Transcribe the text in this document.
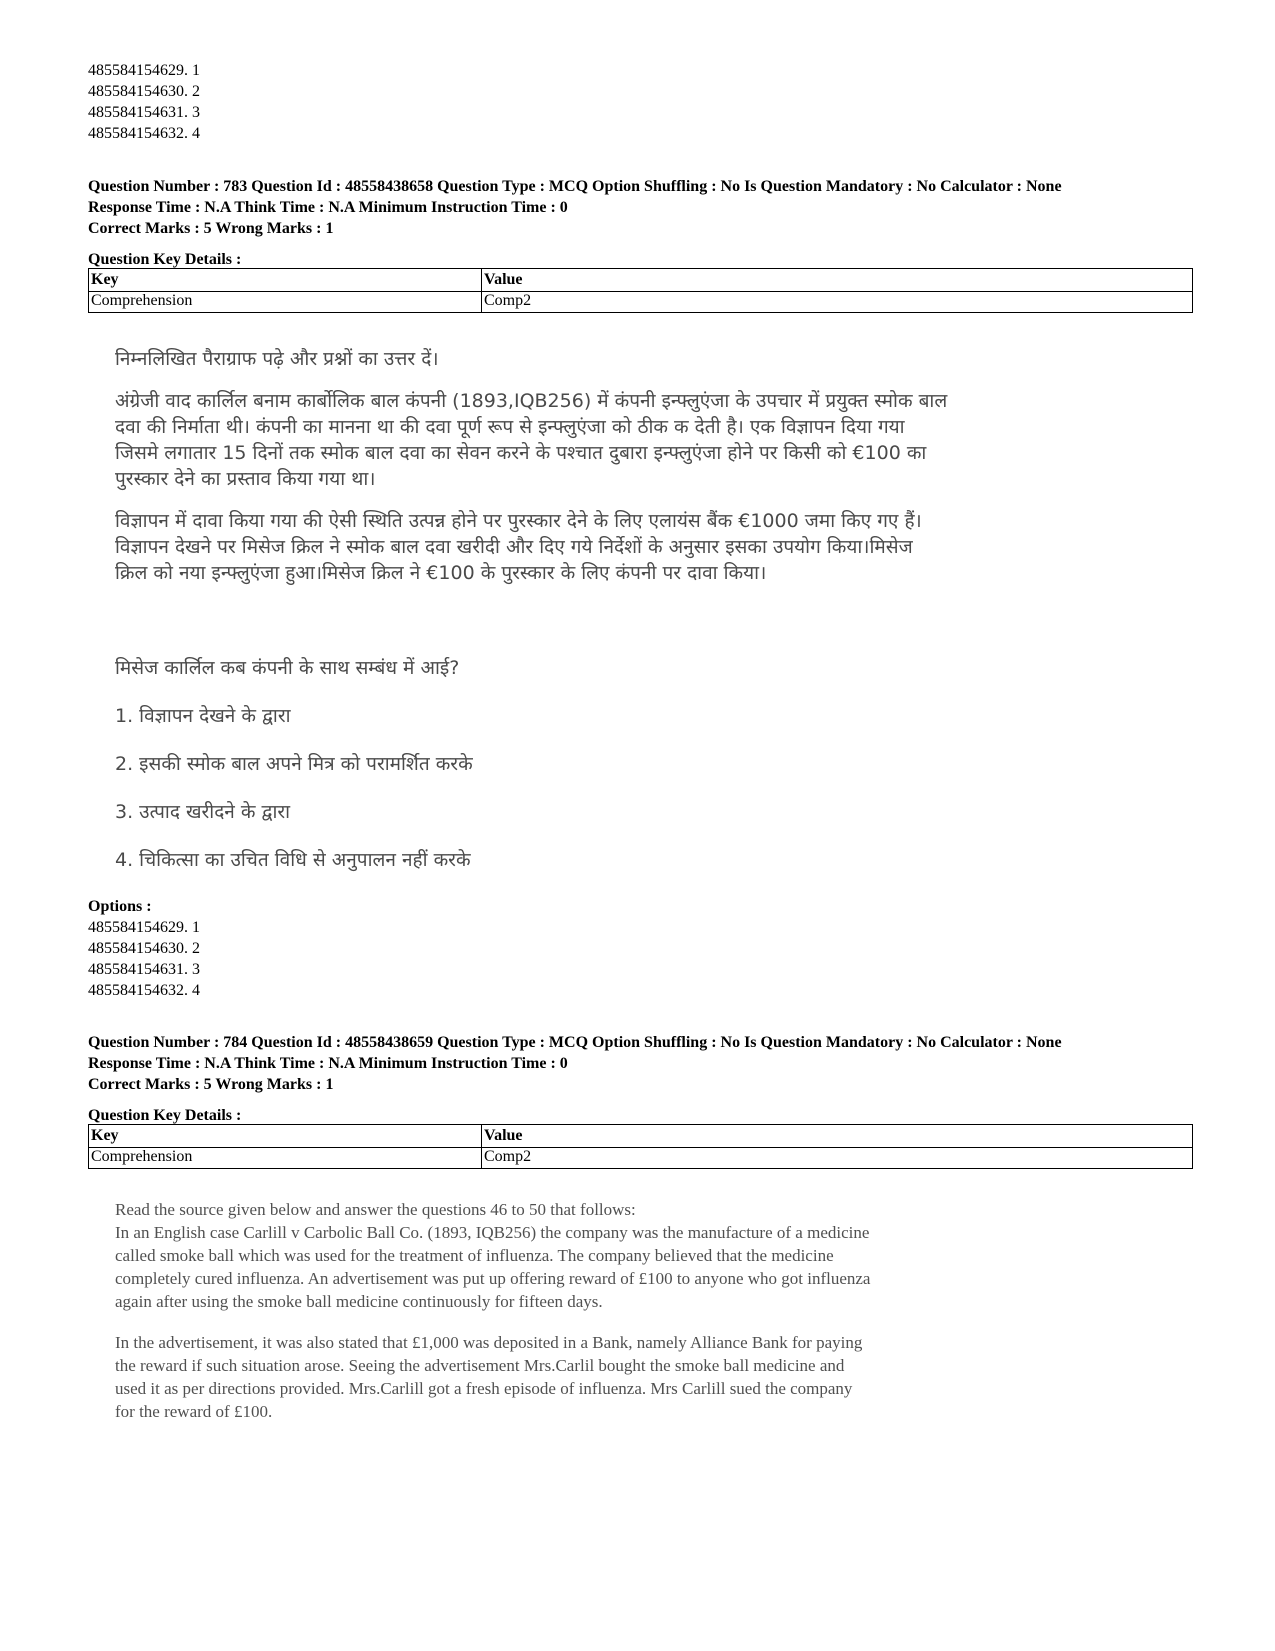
485584154629. 1
485584154630. 2
485584154631. 3
485584154632. 4
Question Number : 783 Question Id : 48558438658 Question Type : MCQ Option Shuffling : No Is Question Mandatory : No Calculator : None
Response Time : N.A Think Time : N.A Minimum Instruction Time : 0
Correct Marks : 5 Wrong Marks : 1
Question Key Details :
Key	Value
Comprehension	Comp2

निम्नलिखित पैराग्राफ पढ़े और प्रश्नों का उत्तर दें।

अंग्रेजी वाद कार्लिल बनाम कार्बोलिक बाल कंपनी (1893,IQB256) में कंपनी इन्फ्लुएंजा के उपचार में प्रयुक्त स्मोक बाल

दवा की निर्माता थी। कंपनी का मानना था की दवा पूर्ण रूप से इन्फ्लुएंजा को ठीक क देती है। एक विज्ञापन दिया गया

जिसमे लगातार 15 दिनों तक स्मोक बाल दवा का सेवन करने के पश्चात दुबारा इन्फ्लुएंजा होने पर किसी को €100 का

पुरस्कार देने का प्रस्ताव किया गया था।

विज्ञापन में दावा किया गया की ऐसी स्थिति उत्पन्न होने पर पुरस्कार देने के लिए एलायंस बैंक €1000 जमा किए गए हैं।

विज्ञापन देखने पर मिसेज क्रिल ने स्मोक बाल दवा खरीदी और दिए गये निर्देशों के अनुसार इसका उपयोग किया।मिसेज

क्रिल को नया इन्फ्लुएंजा हुआ।मिसेज क्रिल ने €100 के पुरस्कार के लिए कंपनी पर दावा किया।

मिसेज कार्लिल कब कंपनी के साथ सम्बंध में आई?

1. विज्ञापन देखने के द्वारा

2. इसकी स्मोक बाल अपने मित्र को परामर्शित करके

3. उत्पाद खरीदने के द्वारा

4. चिकित्सा का उचित विधि से अनुपालन नहीं करके

Options :
485584154629. 1
485584154630. 2
485584154631. 3
485584154632. 4
Question Number : 784 Question Id : 48558438659 Question Type : MCQ Option Shuffling : No Is Question Mandatory : No Calculator : None
Response Time : N.A Think Time : N.A Minimum Instruction Time : 0
Correct Marks : 5 Wrong Marks : 1
Question Key Details :
Key	Value
Comprehension	Comp2

Read the source given below and answer the questions 46 to 50 that follows:

In an English case Carlill v Carbolic Ball Co. (1893, IQB256) the company was the manufacture of a medicine

called smoke ball which was used for the treatment of influenza. The company believed that the medicine

completely cured influenza. An advertisement was put up offering reward of £100 to anyone who got influenza

again after using the smoke ball medicine continuously for fifteen days.

In the advertisement, it was also stated that £1,000 was deposited in a Bank, namely Alliance Bank for paying

the reward if such situation arose. Seeing the advertisement Mrs.Carlil bought the smoke ball medicine and

used it as per directions provided. Mrs.Carlill got a fresh episode of influenza. Mrs Carlill sued the company

for the reward of £100.
